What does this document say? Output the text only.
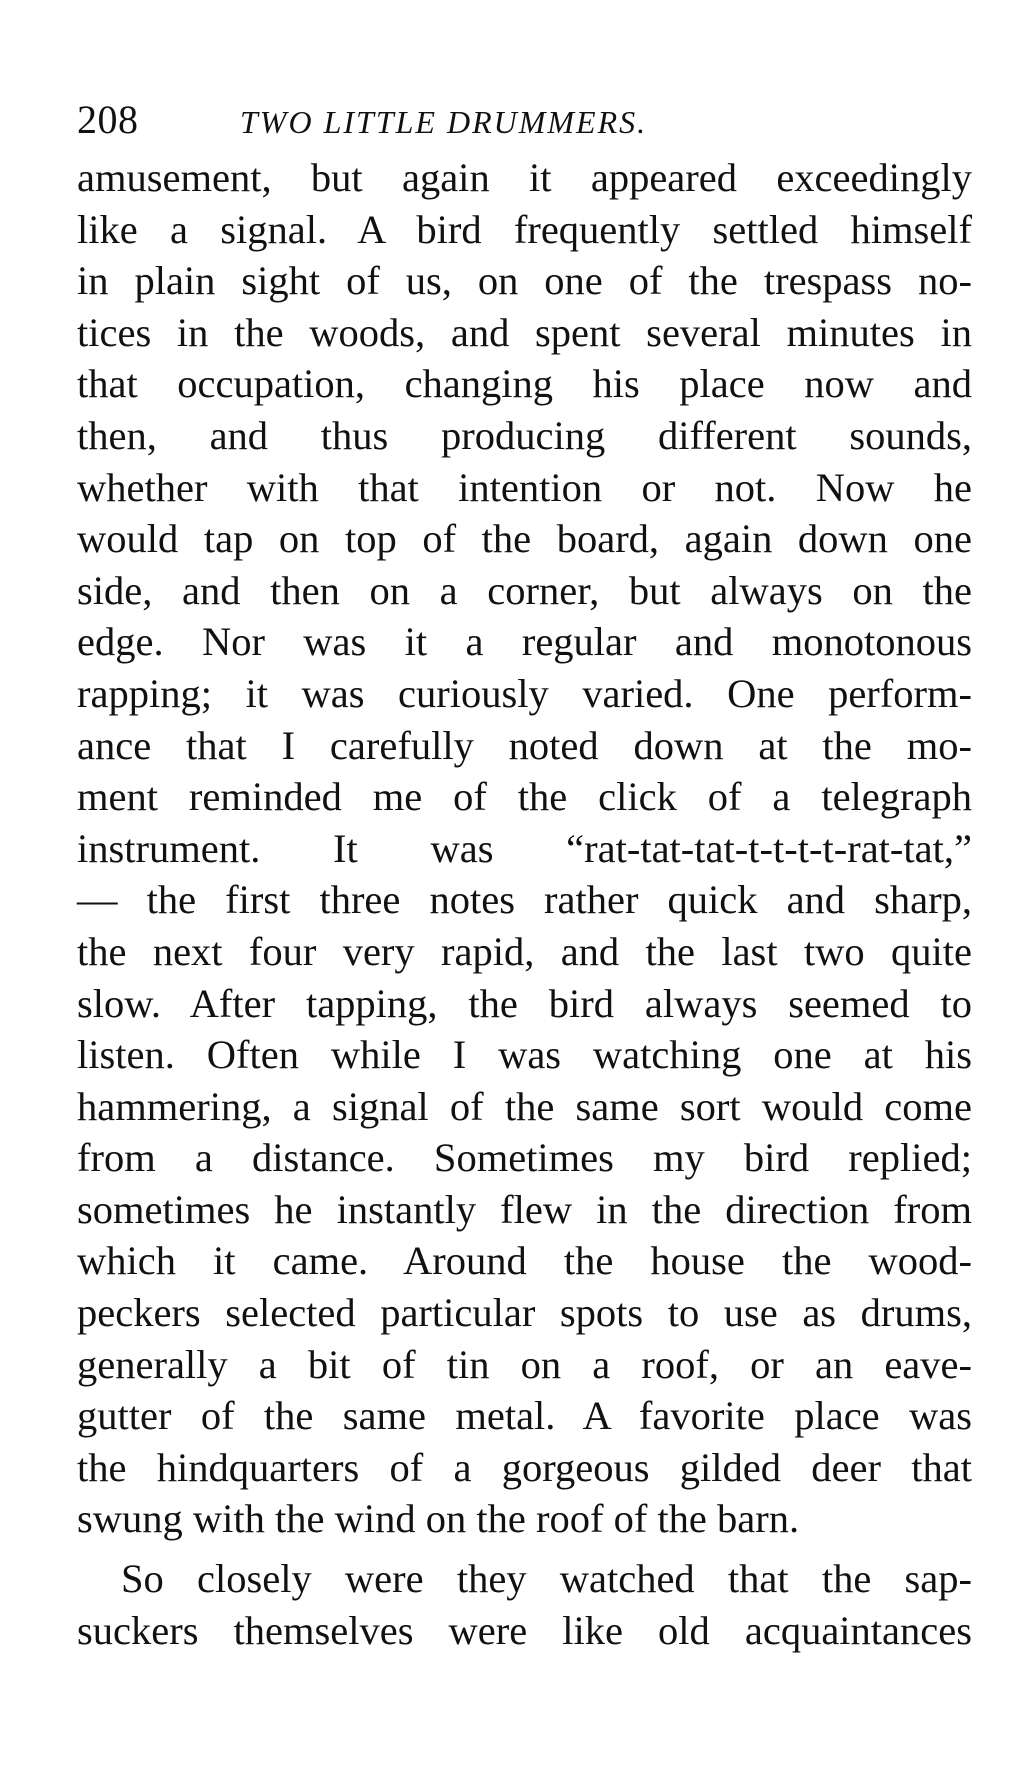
208	TWO LITTLE DRUMMERS.
amusement, but again it appeared exceedingly
like a signal. A bird frequently settled himself
in plain sight of us, on one of the trespass no-
tices in the woods, and spent several minutes in
that occupation, changing his place now and
then, and thus producing different sounds,
whether with that intention or not. Now he
would tap on top of the board, again down one
side, and then on a corner, but always on the
edge. Nor was it a regular and monotonous
rapping; it was curiously varied. One perform-
ance that I carefully noted down at the mo-
ment reminded me of the click of a telegraph
instrument. It was “rat-tat-tat-t-t-t-t-rat-tat,”
— the first three notes rather quick and sharp,
the next four very rapid, and the last two quite
slow. After tapping, the bird always seemed to
listen. Often while I was watching one at his
hammering, a signal of the same sort would come
from a distance. Sometimes my bird replied;
sometimes he instantly flew in the direction from
which it came. Around the house the wood-
peckers selected particular spots to use as drums,
generally a bit of tin on a roof, or an eave-
gutter of the same metal. A favorite place was
the hindquarters of a gorgeous gilded deer that
swung with the wind on the roof of the barn.
So closely were they watched that the sap-
suckers themselves were like old acquaintances
